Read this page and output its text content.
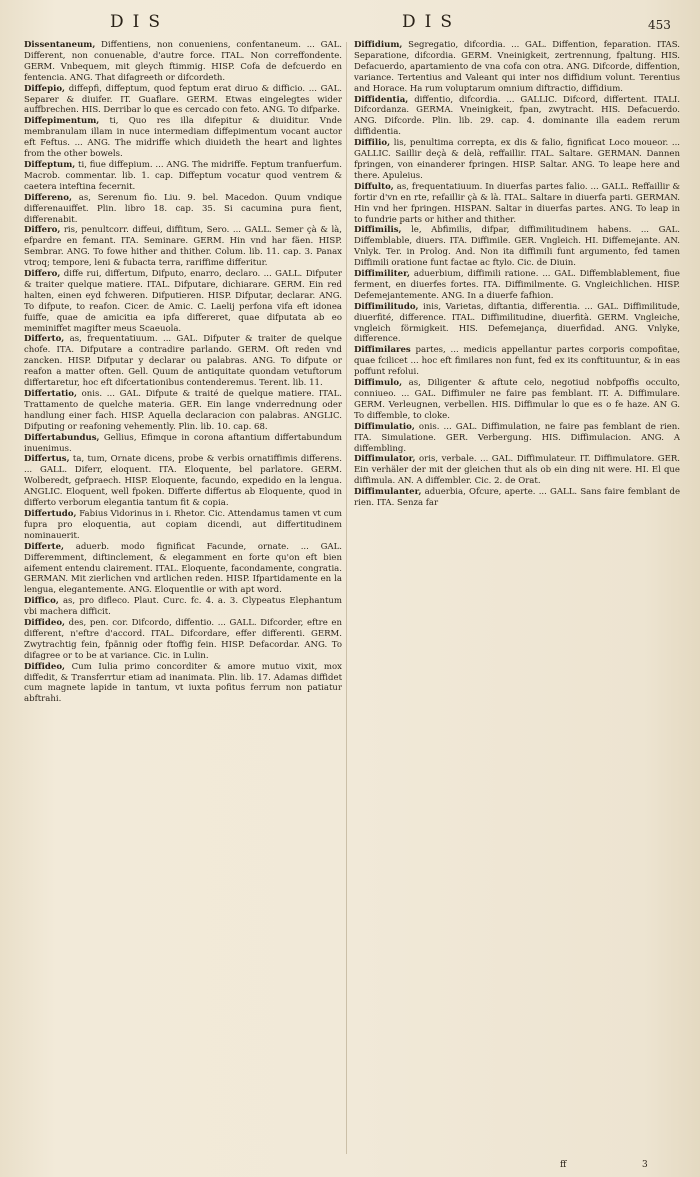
DIS	DIS	453

Dissentaneum, Diffentiens, non conueniens, confentaneum. ... GAL. Different, non conuenable, d'autre force. ITAL. Non correffondente. GERM. Vnbequem, mit gleych ftimmig. HISP. Cofa de defcuerdo en fentencia. ANG. That difagreeth or difcordeth.

Diffepio, diffepfi, diffeptum, quod feptum erat diruo & difficio. ... GAL. Separer & diuifer. IT. Guaflare. GERM. Etwas eingelegtes wider auffbrechen. HIS. Derribar lo que es cercado con feto. ANG. To difparke.

Diffepimentum, ti, Quo res illa difepitur & diuiditur. Vnde membranulam illam in nuce intermediam diffepimentum vocant auctor eft Feftus. ... ANG. The midriffe which diuideth the heart and lightes from the other bowels.

Diffeptum, ti, fiue diffepium. ... ANG. The midriffe. Feptum tranfuerfum. Macrob. commentar. lib. 1. cap. Diffeptum vocatur quod ventrem & caetera inteftina fecernit.

Differeno, as, Serenum fio. Liu. 9. bel. Macedon. Quum vndique differenauiffet. Plin. libro 18. cap. 35. Si cacumina pura fient, differenabit.

Differo, ris, penultcorr. diffeui, diffitum, Sero. ... GALL. Semer çà & là, efpardre en femant. ITA. Seminare. GERM. Hin vnd har fäen. HISP. Sembrar. ANG. To fowe hither and thither. Colum. lib. 11. cap. 3. Panax vtroq; tempore, leni & fubacta terra, rariffime differitur.

Differo, diffe rui, differtum, Difputo, enarro, declaro. ... GALL. Difputer & traiter quelque matiere. ITAL. Difputare, dichiarare. GERM. Ein red halten, einen eyd fchweren. Difputieren. HISP. Difputar, declarar. ANG. To difpute, to reafon. Cicer. de Amic. C. Laelij perfona vifa eft idonea fuiffe, quae de amicitia ea ipfa differeret, quae difputata ab eo meminiffet magifter meus Scaeuola.

Differto, as, frequentatiuum. ... GAL. Difputer & traiter de quelque chofe. ITA. Difputare a contradire parlando. GERM. Oft reden vnd zancken. HISP. Difputar y declarar ou palabras. ANG. To difpute or reafon a matter often. Gell. Quum de antiquitate quondam vetuftorum differtaretur, hoc eft difcertationibus contenderemus. Terent. lib. 11.

Differtatio, onis. ... GAL. Difpute & traité de quelque matiere. ITAL. Trattamento de quelche materia. GER. Ein lange vnderrednung oder handlung einer fach. HISP. Aquella declaracion con palabras. ANGLIC. Difputing or reafoning vehemently. Plin. lib. 10. cap. 68.

Differtabundus, Gellius, Efimque in corona aftantium differtabundum inuenimus.

Differtus, ta, tum, Ornate dicens, probe & verbis ornatiffimis differens. ... GALL. Diferr, eloquent. ITA. Eloquente, bel parlatore. GERM. Wolberedt, gefpraech. HISP. Eloquente, facundo, expedido en la lengua. ANGLIC. Eloquent, well fpoken. Differte differtus ab Eloquente, quod in differto verborum elegantia tantum fit & copia.

Differtudo, Fabius Vidorinus in i. Rhetor. Cic. Attendamus tamen vt cum fupra pro eloquentia, aut copiam dicendi, aut differtitudinem nominauerit.

Differte, aduerb. modo fignificat Facunde, ornate. ... GAL. Differemment, diftinclement, & elegamment en forte qu'on eft bien aifement entendu clairement. ITAL. Eloquente, facondamente, congratia. GERMAN. Mit zierlichen vnd artlichen reden. HISP. Ifpartidamente en la lengua, elegantemente. ANG. Eloquentlie or with apt word.

Diffico, as, pro difleco. Plaut. Curc. fc. 4. a. 3. Clypeatus Elephantum vbi machera difficit.

Diffideo, des, pen. cor. Difcordo, diffentio. ... GALL. Difcorder, eftre en different, n'eftre d'accord. ITAL. Difcordare, effer differenti. GERM. Zwytrachtig fein, fpännig oder ftoffig fein. HISP. Defacordar. ANG. To difagree or to be at variance. Cic. in Lulin.

Diffideo, Cum Iulia primo concorditer & amore mutuo vixit, mox diffedit, & Transferrtur etiam ad inanimata. Plin. lib. 17. Adamas diffidet cum magnete lapide in tantum, vt iuxta pofitus ferrum non patiatur abftrahi.

Diffidium, Segregatio, difcordia. ... GAL. Diffention, feparation. ITAS. Separatione, difcordia. GERM. Vneinigkeit, zertrennung, fpaltung. HIS. Defacuerdo, apartamiento de vna cofa con otra. ANG. Difcorde, diffention, variance. Tertentius and Valeant qui inter nos diffidium volunt. Terentius and Horace. Ha rum voluptarum omnium diftractio, diffidium.

Diffidentia, diffentio, difcordia. ... GALLIC. Difcord, differtent. ITALI. Difcordanza. GERMA. Vneinigkeit, fpan, zwytracht. HIS. Defacuerdo. ANG. Difcorde. Plin. lib. 29. cap. 4. dominante illa eadem rerum diffidentia.

Diffilio, lis, penultima correpta, ex dis & falio, fignificat Loco moueor. ... GALLIC. Saillir deçà & delà, reffaillir. ITAL. Saltare. GERMAN. Dannen fpringen, von einanderer fpringen. HISP. Saltar. ANG. To leape here and there. Apuleius.

Diffulto, as, frequentatiuum. In diuerfas partes falio. ... GALL. Reffaillir & fortir d'vn en rte, refaillir çà & là. ITAL. Saltare in diuerfa parti. GERMAN. Hin vnd her fpringen. HISPAN. Saltar in diuerfas partes. ANG. To leap in to fundrie parts or hither and thither.

Diffimilis, le, Abfimilis, difpar, diffimilitudinem habens. ... GAL. Diffemblable, diuers. ITA. Diffimile. GER. Vngleich. HI. Diffemejante. AN. Vnlyk. Ter. in Prolog. And. Non ita diffimili funt argumento, fed tamen Diffimili oratione funt factae ac ftylo. Cic. de Diuin.

Diffimiliter, aduerbium, diffimili ratione. ... GAL. Diffemblablement, fiue ferment, en diuerfes fortes. ITA. Diffimilmente. G. Vngleichlichen. HISP. Defemejantemente. ANG. In a diuerfe fafhion.

Diffimilitudo, inis, Varietas, diftantia, differentia. ... GAL. Diffimilitude, diuerfité, difference. ITAL. Diffimilitudine, diuerfità. GERM. Vngleiche, vngleich förmigkeit. HIS. Defemejança, diuerfidad. ANG. Vnlyke, difference.

Diffimilares partes, ... medicis appellantur partes corporis compofitae, quae fcilicet ... hoc eft fimilares non funt, fed ex its conftituuntur, & in eas poffunt refolui.

Diffimulo, as, Diligenter & aftute celo, negotiud nobfpoffis occulto, conniueo. ... GAL. Diffimuler ne faire pas femblant. IT. A. Diffimulare. GERM. Verleugnen, verbellen. HIS. Diffimular lo que es o fe haze. AN G. To diffemble, to cloke.

Diffimulatio, onis. ... GAL. Diffimulation, ne faire pas femblant de rien. ITA. Simulatione. GER. Verbergung. HIS. Diffimulacion. ANG. A diffembling.

Diffimulator, oris, verbale. ... GAL. Diffimulateur. IT. Diffimulatore. GER. Ein verhäler der mit der gleichen thut als ob ein ding nit were. HI. El que diffimula. AN. A diffembler. Cic. 2. de Orat.

Diffimulanter, aduerbia, Ofcure, aperte. ... GALL. Sans faire femblant de rien. ITA. Senza far

ff	3
